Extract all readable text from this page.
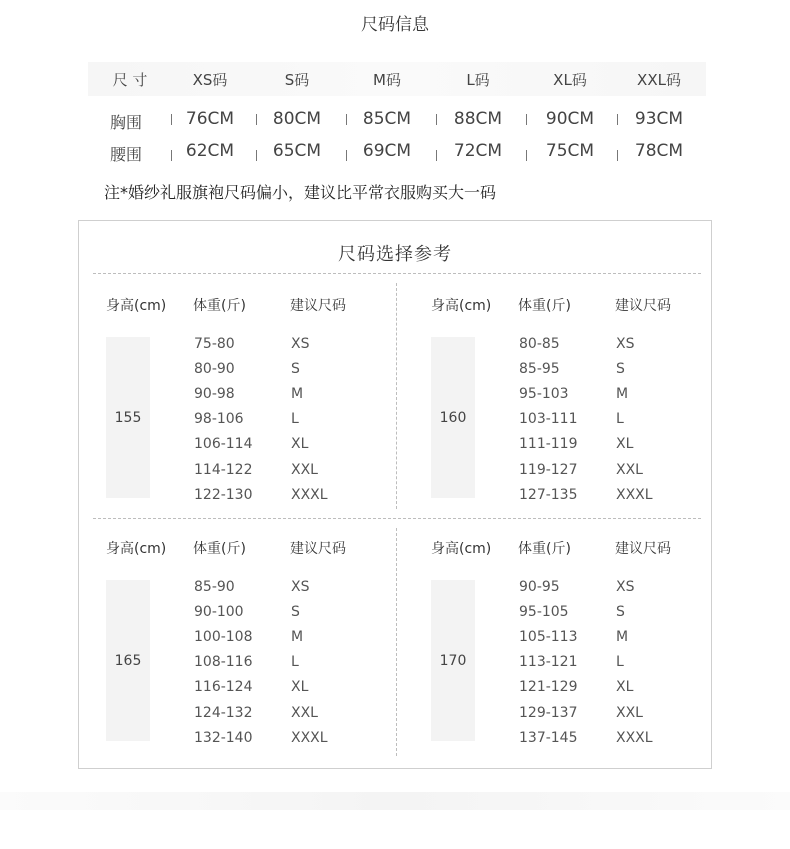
尺码信息
尺 寸	XS码	S码	M码	L码	XL码	XXL码
胸围	76CM 80CM 85CM	88CM	90CM 93CM
腰围	62CM 65CM 69CM	72CM	75CM 78CM
注*婚纱礼服旗袍尺码偏小，建议比平常衣服购买大一码
尺码选择参考
身高(cm) 体重(斤)	建议尺码
155
75-80	XS
80-90	S
90-98	M
98-106	L
106-114	XL
114-122	XXL
122-130	XXXL
身高(cm) 体重(斤)	建议尺码
160
80-85	XS
85-95	S
95-103	M
103-111	L
111-119	XL
119-127	XXL
127-135	XXXL
身高(cm) 体重(斤)	建议尺码
165
85-90	XS
90-100	S
100-108	M
108-116	L
116-124	XL
124-132	XXL
132-140	XXXL
身高(cm) 体重(斤)	建议尺码
170
90-95	XS
95-105	S
105-113	M
113-121	L
121-129	XL
129-137	XXL
137-145	XXXL
